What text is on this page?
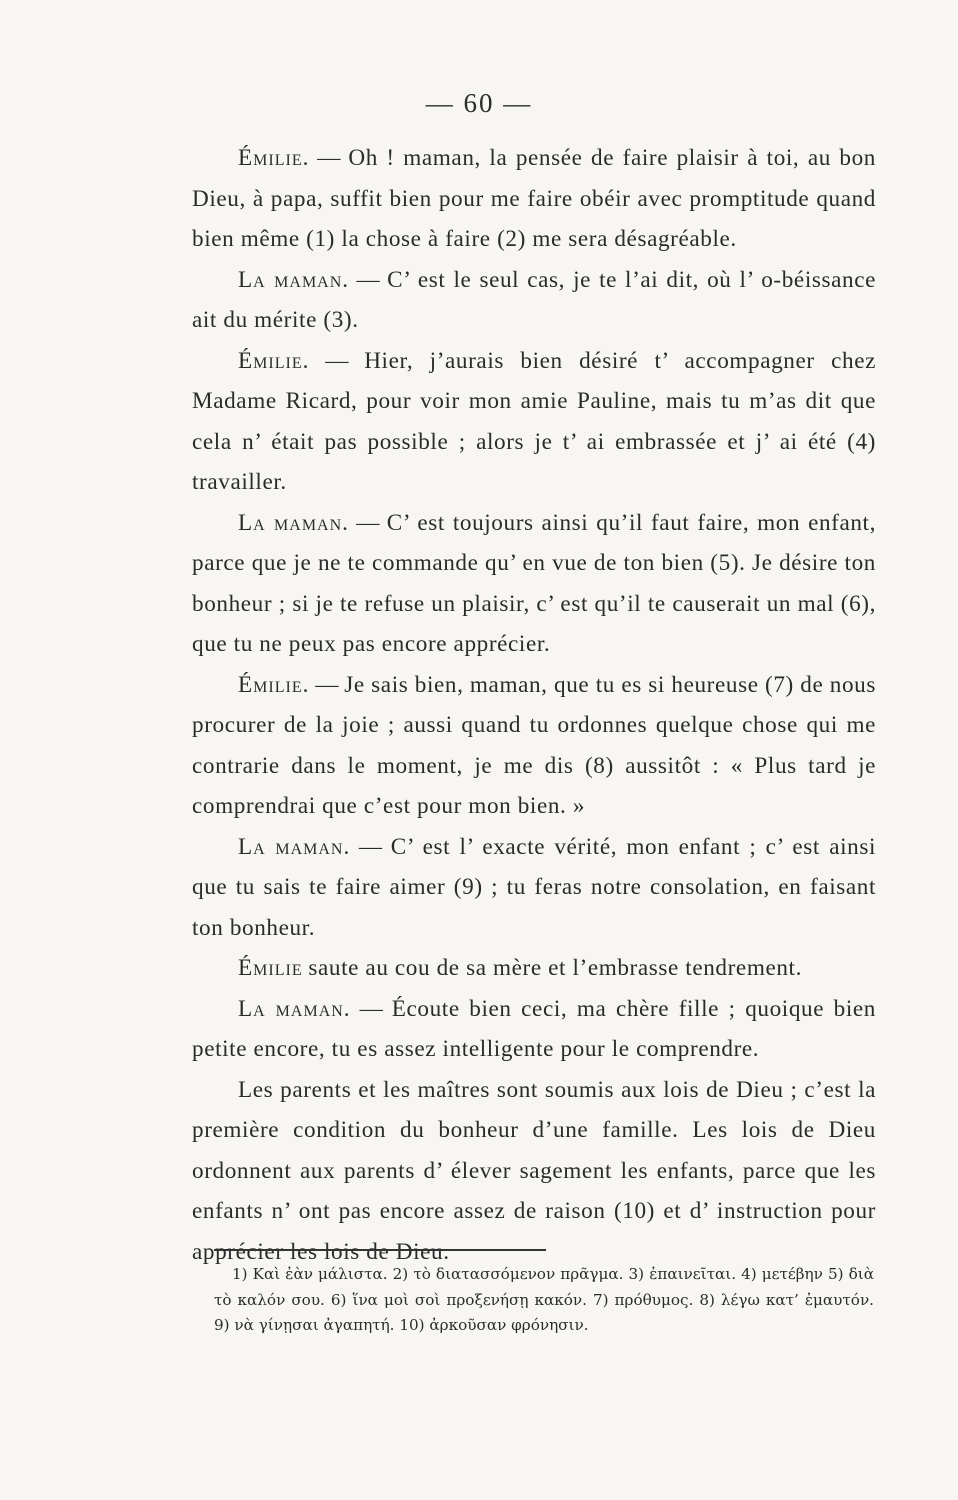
— 60 —

Émilie. — Oh ! maman, la pensée de faire plaisir à toi, au bon Dieu, à papa, suffit bien pour me faire obéir avec promptitude quand bien même (1) la chose à faire (2) me sera désagréable.

La maman. — C’ est le seul cas, je te l’ai dit, où l’ o-béissance ait du mérite (3).

Émilie. — Hier, j’aurais bien désiré t’ accompagner chez Madame Ricard, pour voir mon amie Pauline, mais tu m’as dit que cela n’ était pas possible ; alors je t’ ai embrassée et j’ ai été (4) travailler.

La maman. — C’ est toujours ainsi qu’il faut faire, mon enfant, parce que je ne te commande qu’ en vue de ton bien (5). Je désire ton bonheur ; si je te refuse un plaisir, c’ est qu’il te causerait un mal (6), que tu ne peux pas encore apprécier.

Émilie. — Je sais bien, maman, que tu es si heureuse (7) de nous procurer de la joie ; aussi quand tu ordonnes quelque chose qui me contrarie dans le moment, je me dis (8) aussitôt : « Plus tard je comprendrai que c’est pour mon bien. »

La maman. — C’ est l’ exacte vérité, mon enfant ; c’ est ainsi que tu sais te faire aimer (9) ; tu feras notre consolation, en faisant ton bonheur.

Émilie saute au cou de sa mère et l’embrasse tendrement.

La maman. — Écoute bien ceci, ma chère fille ; quoique bien petite encore, tu es assez intelligente pour le comprendre.

Les parents et les maîtres sont soumis aux lois de Dieu ; c’est la première condition du bonheur d’une famille. Les lois de Dieu ordonnent aux parents d’ élever sagement les enfants, parce que les enfants n’ ont pas encore assez de raison (10) et d’ instruction pour apprécier les lois de Dieu.

1) Καὶ ἐὰν μάλιστα. 2) τὸ διατασσόμενον πρᾶγμα. 3) ἐπαινεῖται. 4) μετέβην 5) διὰ τὸ καλόν σου. 6) ἵνα μοὶ σοὶ προξενήσῃ κακόν. 7) πρόθυμος. 8) λέγω κατ’ ἐμαυτόν. 9) νὰ γίνῃσαι ἀγαπητή. 10) ἀρκοῦσαν φρόνησιν.
